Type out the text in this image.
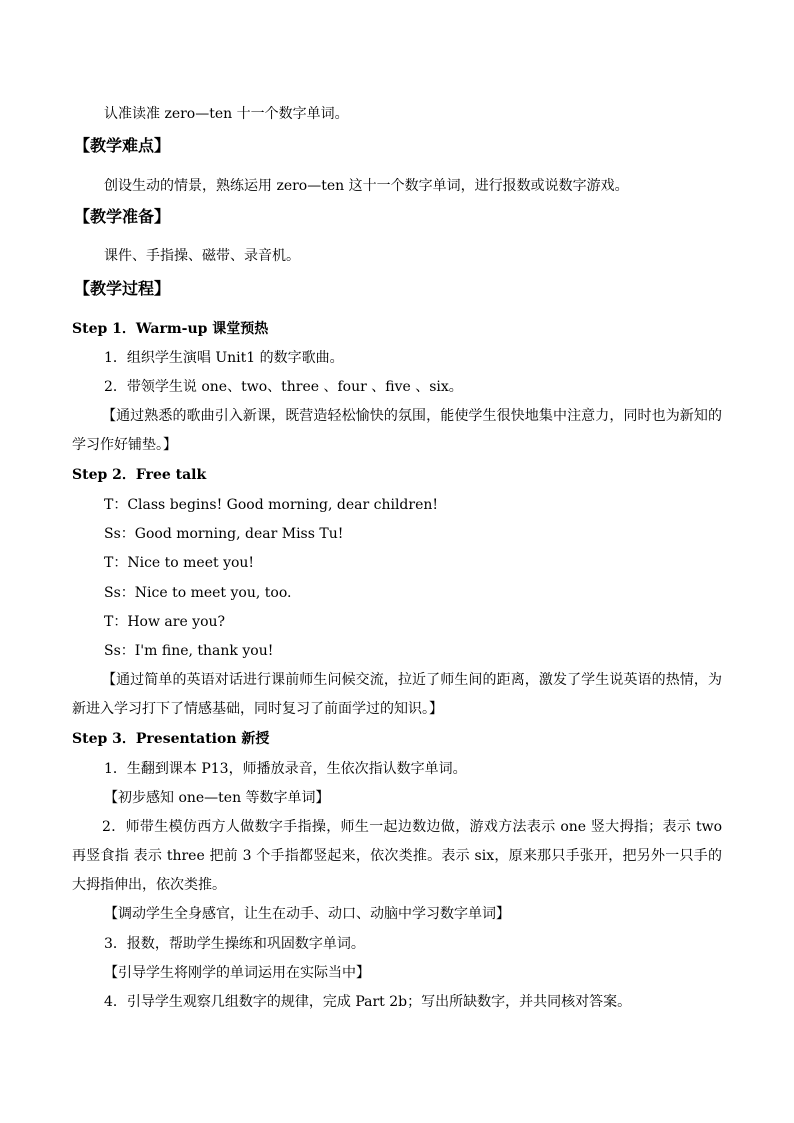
认准读准 zero—ten 十一个数字单词。
【教学难点】
创设生动的情景，熟练运用 zero—ten 这十一个数字单词，进行报数或说数字游戏。
【教学准备】
课件、手指操、磁带、录音机。
【教学过程】
Step 1．Warm-up 课堂预热
1．组织学生演唱 Unit1 的数字歌曲。
2．带领学生说 one、two、three 、four 、five 、six。
【通过熟悉的歌曲引入新课，既营造轻松愉快的氛围，能使学生很快地集中注意力，同时也为新知的学习作好铺垫。】
Step 2．Free talk
T：Class begins! Good morning, dear children!
Ss：Good morning, dear Miss Tu!
T：Nice to meet you!
Ss：Nice to meet you, too.
T：How are you?
Ss：I'm fine, thank you!
【通过简单的英语对话进行课前师生问候交流，拉近了师生间的距离，激发了学生说英语的热情，为新进入学习打下了情感基础，同时复习了前面学过的知识。】
Step 3．Presentation 新授
1．生翻到课本 P13，师播放录音，生依次指认数字单词。
【初步感知 one—ten 等数字单词】
2．师带生模仿西方人做数字手指操，师生一起边数边做，游戏方法表示 one 竖大拇指；表示 two 再竖食指 表示 three 把前 3 个手指都竖起来，依次类推。表示 six，原来那只手张开，把另外一只手的大拇指伸出，依次类推。
【调动学生全身感官，让生在动手、动口、动脑中学习数字单词】
3．报数，帮助学生操练和巩固数字单词。
【引导学生将刚学的单词运用在实际当中】
4．引导学生观察几组数字的规律，完成 Part 2b；写出所缺数字，并共同核对答案。
